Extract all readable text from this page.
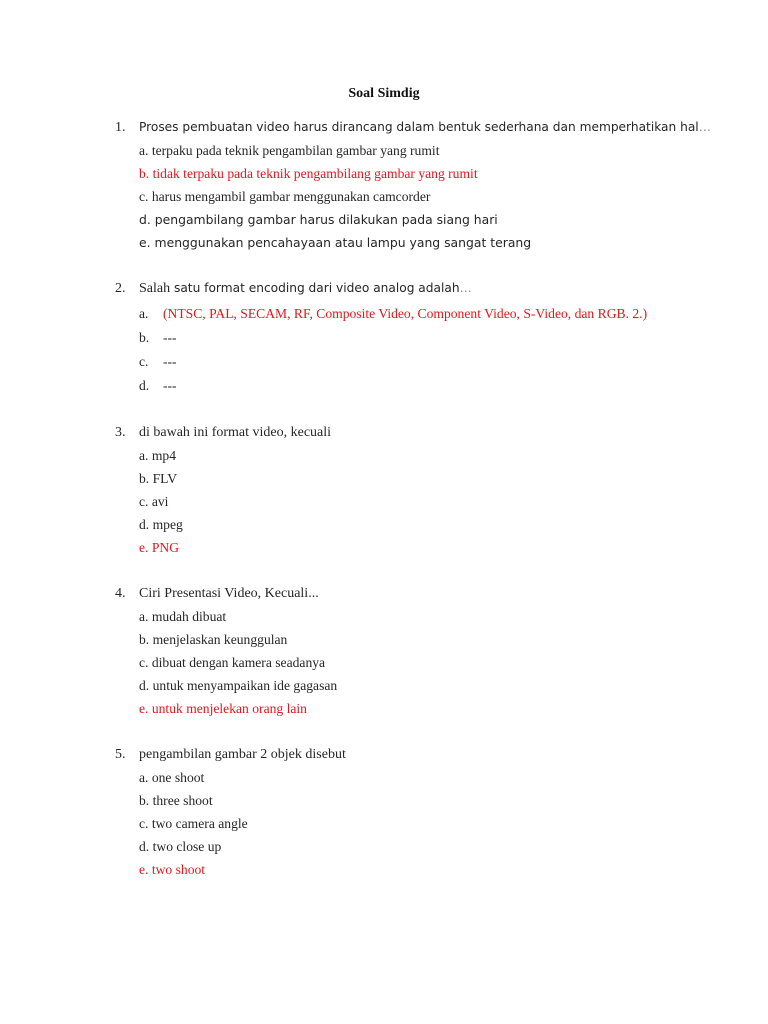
Soal Simdig
1. Proses pembuatan video harus dirancang dalam bentuk sederhana dan memperhatikan hal…
a. terpaku pada teknik pengambilan gambar yang rumit
b. tidak terpaku pada teknik pengambilang gambar yang rumit
c. harus mengambil gambar menggunakan camcorder
d. pengambilang gambar harus dilakukan pada siang hari
e. menggunakan pencahayaan atau lampu yang sangat terang
2. Salah satu format encoding dari video analog adalah…
a. (NTSC, PAL, SECAM, RF, Composite Video, Component Video, S-Video, dan RGB. 2.)
b. ---
c. ---
d. ---
3. di bawah ini format video, kecuali
a. mp4
b. FLV
c. avi
d. mpeg
e. PNG
4. Ciri Presentasi Video, Kecuali...
a. mudah dibuat
b. menjelaskan keunggulan
c. dibuat dengan kamera seadanya
d. untuk menyampaikan ide gagasan
e. untuk menjelekan orang lain
5. pengambilan gambar 2 objek disebut
a. one shoot
b. three shoot
c. two camera angle
d. two close up
e. two shoot
